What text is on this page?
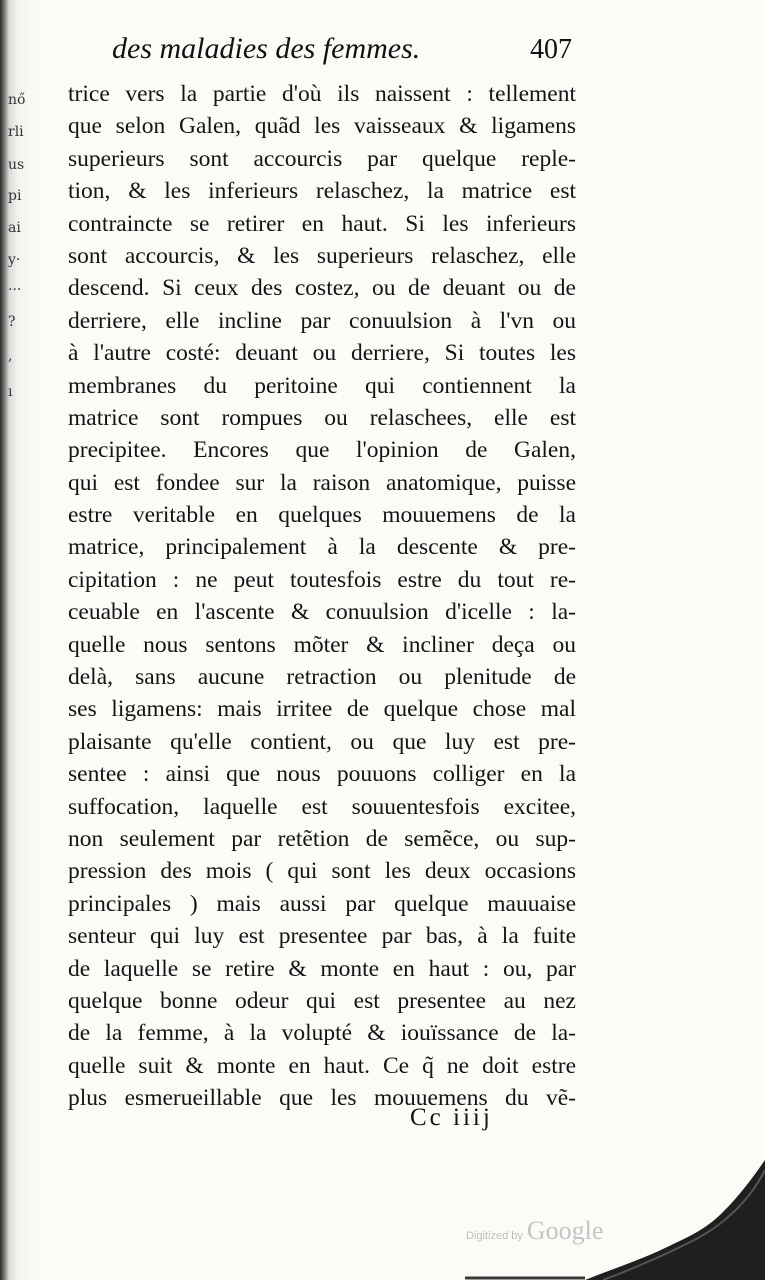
nő
rli
us
pi
ai
y·
···
?
,
ı
des maladies des femmes.	407
trice vers la partie d'où ils naissent : tellement
que selon Galen, quãd les vaisseaux & ligamens
superieurs sont accourcis par quelque reple-
tion, & les inferieurs relaschez, la matrice est
contraincte se retirer en haut. Si les inferieurs
sont accourcis, & les superieurs relaschez, elle
descend. Si ceux des costez, ou de deuant ou de
derriere, elle incline par conuulsion à l'vn ou
à l'autre costé: deuant ou derriere, Si toutes les
membranes du peritoine qui contiennent la
matrice sont rompues ou relaschees, elle est
precipitee. Encores que l'opinion de Galen,
qui est fondee sur la raison anatomique, puisse
estre veritable en quelques mouuemens de la
matrice, principalement à la descente & pre-
cipitation : ne peut toutesfois estre du tout re-
ceuable en l'ascente & conuulsion d'icelle : la-
quelle nous sentons mõter & incliner deça ou
delà, sans aucune retraction ou plenitude de
ses ligamens: mais irritee de quelque chose mal
plaisante qu'elle contient, ou que luy est pre-
sentee : ainsi que nous pouuons colliger en la
suffocation, laquelle est souuentesfois excitee,
non seulement par retẽtion de semẽce, ou sup-
pression des mois ( qui sont les deux occasions
principales ) mais aussi par quelque mauuaise
senteur qui luy est presentee par bas, à la fuite
de laquelle se retire & monte en haut : ou, par
quelque bonne odeur qui est presentee au nez
de la femme, à la volupté & iouïssance de la-
quelle suit & monte en haut. Ce q̃ ne doit estre
plus esmerueillable que les mouuemens du vẽ-
Cc iiij
Digitized by Google
